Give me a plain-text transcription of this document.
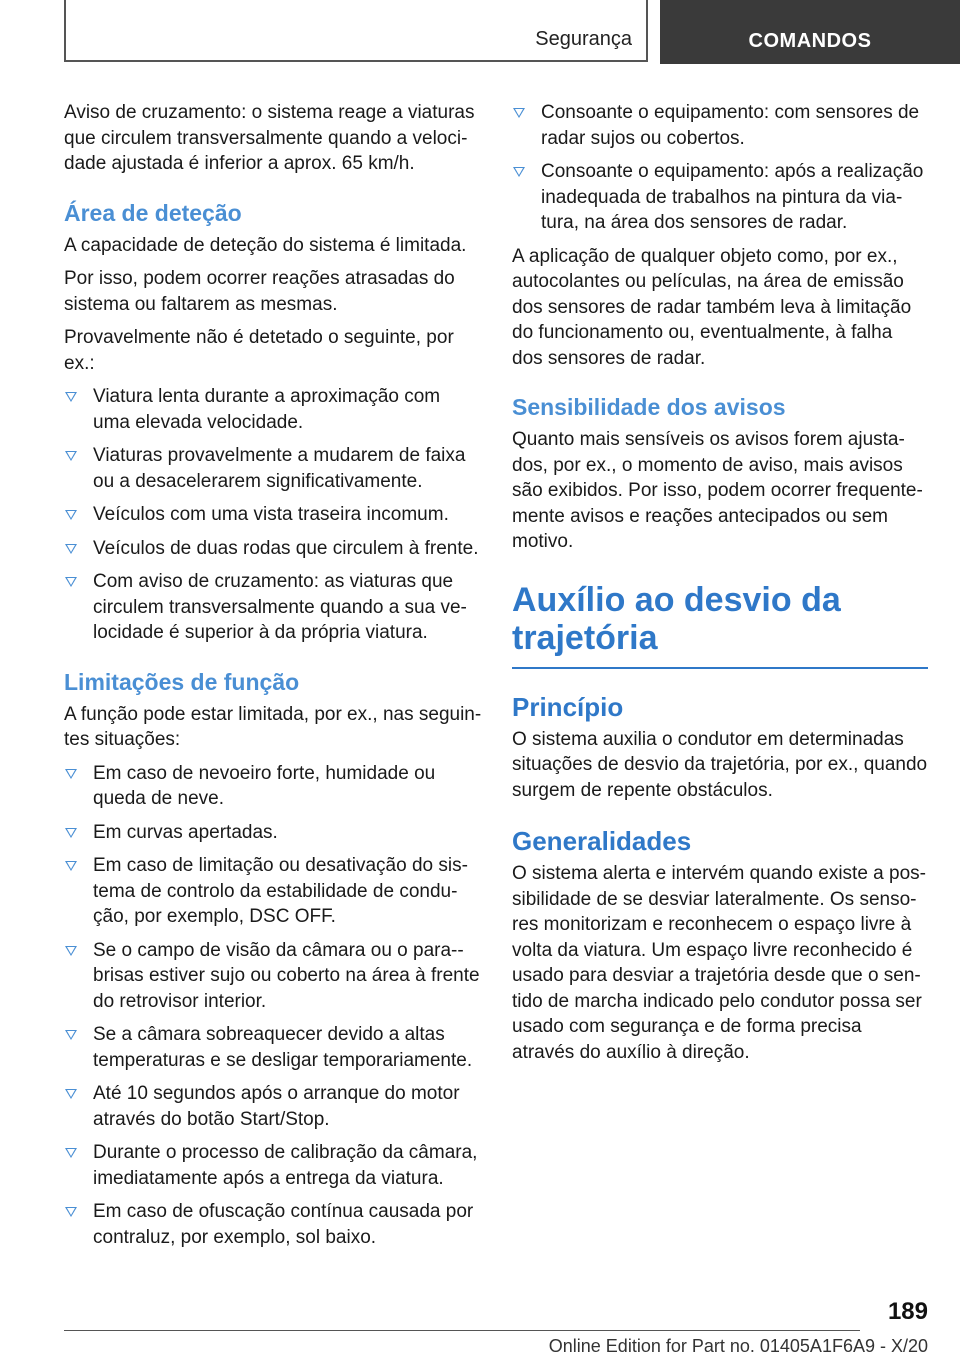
Segurança	COMANDOS

Aviso de cruzamento: o sistema reage a viaturas que circulem transversalmente quando a veloci-dade ajustada é inferior a aprox. 65 km/h.

Área de deteção

A capacidade de deteção do sistema é limitada.

Por isso, podem ocorrer reações atrasadas do sistema ou faltarem as mesmas.

Provavelmente não é detetado o seguinte, por ex.:

Viatura lenta durante a aproximação com uma elevada velocidade.
Viaturas provavelmente a mudarem de faixa ou a desacelerarem significativamente.
Veículos com uma vista traseira incomum.
Veículos de duas rodas que circulem à frente.
Com aviso de cruzamento: as viaturas que circulem transversalmente quando a sua ve-locidade é superior à da própria viatura.
Limitações de função

A função pode estar limitada, por ex., nas seguin-tes situações:

Em caso de nevoeiro forte, humidade ou queda de neve.
Em curvas apertadas.
Em caso de limitação ou desativação do sis-tema de controlo da estabilidade de condu-ção, por exemplo, DSC OFF.
Se o campo de visão da câmara ou o para--brisas estiver sujo ou coberto na área à frente do retrovisor interior.
Se a câmara sobreaquecer devido a altas temperaturas e se desligar temporariamente.
Até 10 segundos após o arranque do motor através do botão Start/Stop.
Durante o processo de calibração da câmara, imediatamente após a entrega da viatura.
Em caso de ofuscação contínua causada por contraluz, por exemplo, sol baixo.
Consoante o equipamento: com sensores de radar sujos ou cobertos.
Consoante o equipamento: após a realização inadequada de trabalhos na pintura da via-tura, na área dos sensores de radar.

A aplicação de qualquer objeto como, por ex., autocolantes ou películas, na área de emissão dos sensores de radar também leva à limitação do funcionamento ou, eventualmente, à falha dos sensores de radar.

Sensibilidade dos avisos

Quanto mais sensíveis os avisos forem ajusta-dos, por ex., o momento de aviso, mais avisos são exibidos. Por isso, podem ocorrer frequente-mente avisos e reações antecipados ou sem motivo.

Auxílio ao desvio da trajetória
Princípio

O sistema auxilia o condutor em determinadas situações de desvio da trajetória, por ex., quando surgem de repente obstáculos.

Generalidades

O sistema alerta e intervém quando existe a pos-sibilidade de se desviar lateralmente. Os senso-res monitorizam e reconhecem o espaço livre à volta da viatura. Um espaço livre reconhecido é usado para desviar a trajetória desde que o sen-tido de marcha indicado pelo condutor possa ser usado com segurança e de forma precisa através do auxílio à direção.

189
Online Edition for Part no. 01405A1F6A9 - X/20
